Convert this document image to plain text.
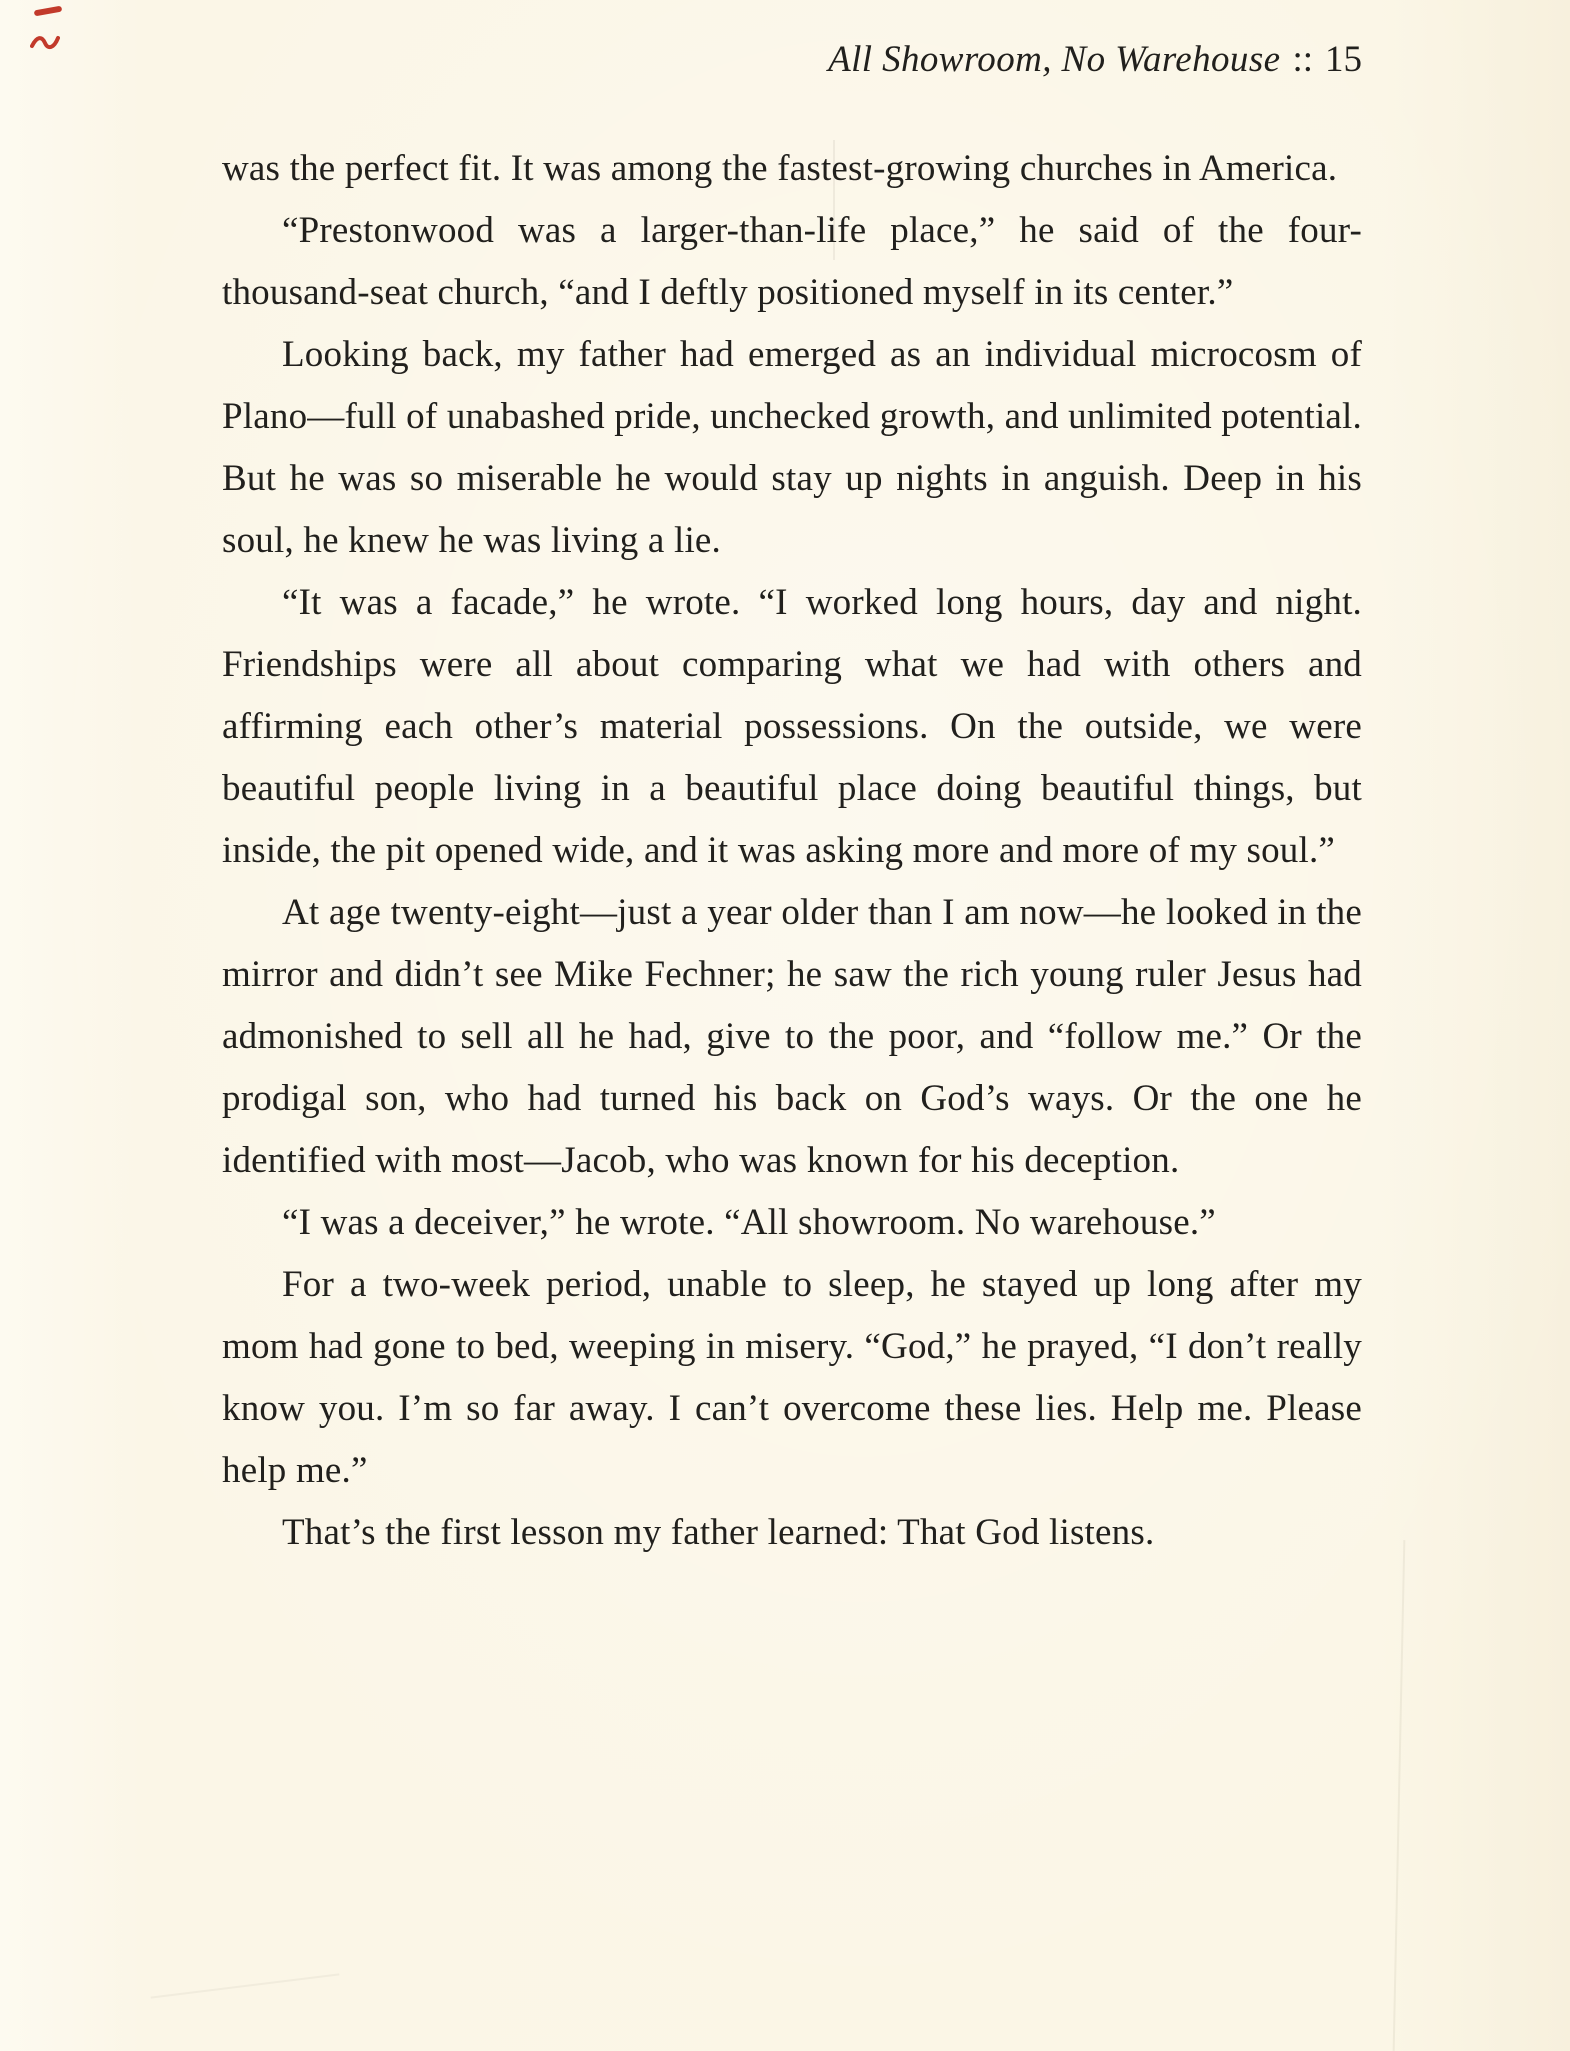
All Showroom, No Warehouse :: 15

was the perfect fit. It was among the fastest-growing churches in America.

“Prestonwood was a larger-than-life place,” he said of the four-thousand-seat church, “and I deftly positioned myself in its center.”

Looking back, my father had emerged as an individual microcosm of Plano—full of unabashed pride, unchecked growth, and unlimited potential. But he was so miserable he would stay up nights in anguish. Deep in his soul, he knew he was living a lie.

“It was a facade,” he wrote. “I worked long hours, day and night. Friendships were all about comparing what we had with others and affirming each other’s material possessions. On the outside, we were beautiful people living in a beautiful place doing beautiful things, but inside, the pit opened wide, and it was asking more and more of my soul.”

At age twenty-eight—just a year older than I am now—he looked in the mirror and didn’t see Mike Fechner; he saw the rich young ruler Jesus had admonished to sell all he had, give to the poor, and “follow me.” Or the prodigal son, who had turned his back on God’s ways. Or the one he identified with most—Jacob, who was known for his deception.

“I was a deceiver,” he wrote. “All showroom. No warehouse.”

For a two-week period, unable to sleep, he stayed up long after my mom had gone to bed, weeping in misery. “God,” he prayed, “I don’t really know you. I’m so far away. I can’t overcome these lies. Help me. Please help me.”

That’s the first lesson my father learned: That God listens.
